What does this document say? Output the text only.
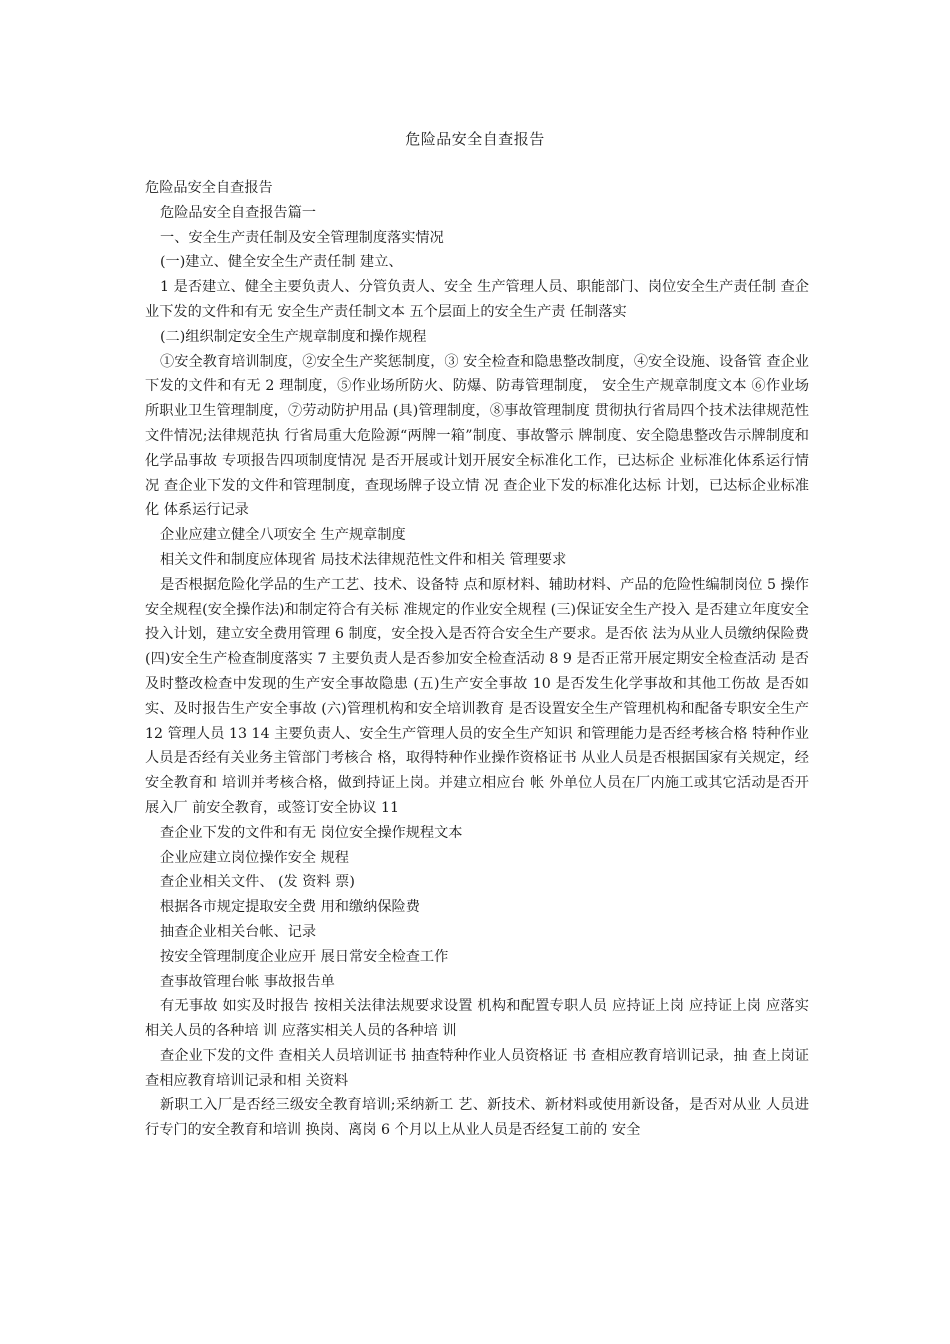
危险品安全自查报告

危险品安全自查报告

危险品安全自查报告篇一

一、安全生产责任制及安全管理制度落实情况

(一)建立、健全安全生产责任制 建立、

1 是否建立、健全主要负责人、分管负责人、安全 生产管理人员、职能部门、岗位安全生产责任制 查企业下发的文件和有无 安全生产责任制文本 五个层面上的安全生产责 任制落实

(二)组织制定安全生产规章制度和操作规程

①安全教育培训制度，②安全生产奖惩制度，③ 安全检查和隐患整改制度，④安全设施、设备管 查企业下发的文件和有无 2 理制度，⑤作业场所防火、防爆、防毒管理制度， 安全生产规章制度文本 ⑥作业场所职业卫生管理制度，⑦劳动防护用品 (具)管理制度，⑧事故管理制度 贯彻执行省局四个技术法律规范性文件情况;法律规范执 行省局重大危险源“两牌一箱”制度、事故警示 牌制度、安全隐患整改告示牌制度和化学品事故 专项报告四项制度情况 是否开展或计划开展安全标准化工作，已达标企 业标准化体系运行情况 查企业下发的文件和管理制度，查现场牌子设立情 况 查企业下发的标准化达标 计划，已达标企业标准化 体系运行记录

企业应建立健全八项安全 生产规章制度

相关文件和制度应体现省 局技术法律规范性文件和相关 管理要求

是否根据危险化学品的生产工艺、技术、设备特 点和原材料、辅助材料、产品的危险性编制岗位 5 操作安全规程(安全操作法)和制定符合有关标 准规定的作业安全规程 (三)保证安全生产投入 是否建立年度安全投入计划，建立安全费用管理 6 制度，安全投入是否符合安全生产要求。是否依 法为从业人员缴纳保险费 (四)安全生产检查制度落实 7 主要负责人是否参加安全检查活动 8 9 是否正常开展定期安全检查活动 是否及时整改检查中发现的生产安全事故隐患 (五)生产安全事故 10 是否发生化学事故和其他工伤故 是否如实、及时报告生产安全事故 (六)管理机构和安全培训教育 是否设置安全生产管理机构和配备专职安全生产 12 管理人员 13 14 主要负责人、安全生产管理人员的安全生产知识 和管理能力是否经考核合格 特种作业人员是否经有关业务主管部门考核合 格，取得特种作业操作资格证书 从业人员是否根据国家有关规定，经安全教育和 培训并考核合格，做到持证上岗。并建立相应台 帐 外单位人员在厂内施工或其它活动是否开展入厂 前安全教育，或签订安全协议 11

查企业下发的文件和有无 岗位安全操作规程文本

企业应建立岗位操作安全 规程

查企业相关文件、 (发 资料 票)

根据各市规定提取安全费 用和缴纳保险费

抽查企业相关台帐、记录

按安全管理制度企业应开 展日常安全检查工作

查事故管理台帐 事故报告单

有无事故 如实及时报告 按相关法律法规要求设置 机构和配置专职人员 应持证上岗 应持证上岗 应落实相关人员的各种培 训 应落实相关人员的各种培 训

查企业下发的文件 查相关人员培训证书 抽查特种作业人员资格证 书 查相应教育培训记录，抽 查上岗证 查相应教育培训记录和相 关资料

新职工入厂是否经三级安全教育培训;采纳新工 艺、新技术、新材料或使用新设备，是否对从业 人员进行专门的安全教育和培训 换岗、离岗 6 个月以上从业人员是否经复工前的 安全
